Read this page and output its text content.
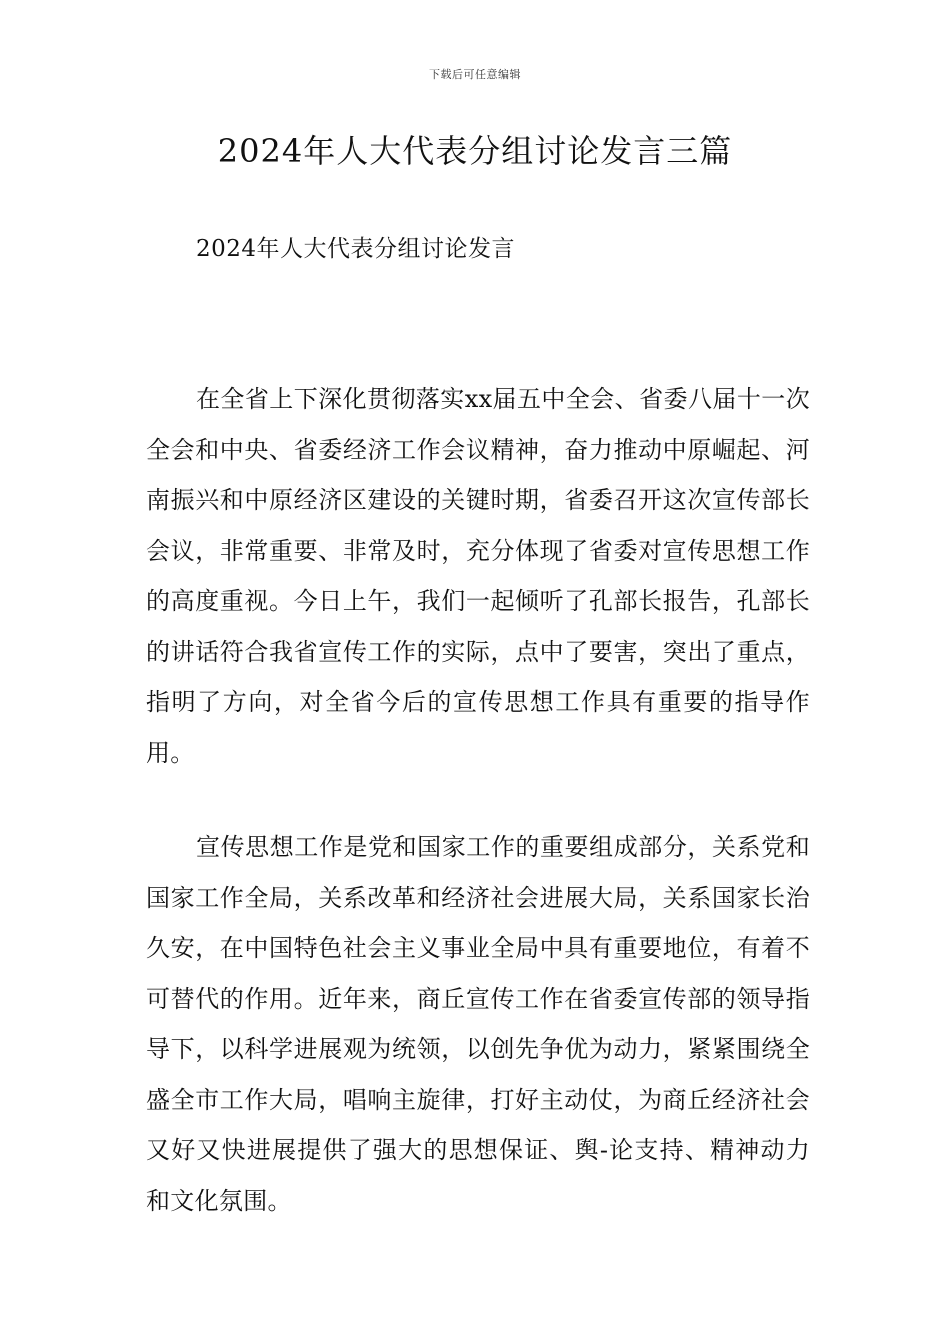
下载后可任意编辑
2024年人大代表分组讨论发言三篇

2024年人大代表分组讨论发言

在全省上下深化贯彻落实xx届五中全会、省委八届十一次全会和中央、省委经济工作会议精神，奋力推动中原崛起、河南振兴和中原经济区建设的关键时期，省委召开这次宣传部长会议，非常重要、非常及时，充分体现了省委对宣传思想工作的高度重视。今日上午，我们一起倾听了孔部长报告，孔部长的讲话符合我省宣传工作的实际，点中了要害，突出了重点，指明了方向，对全省今后的宣传思想工作具有重要的指导作用。

宣传思想工作是党和国家工作的重要组成部分，关系党和国家工作全局，关系改革和经济社会进展大局，关系国家长治久安，在中国特色社会主义事业全局中具有重要地位，有着不可替代的作用。近年来，商丘宣传工作在省委宣传部的领导指导下，以科学进展观为统领，以创先争优为动力，紧紧围绕全盛全市工作大局，唱响主旋律，打好主动仗，为商丘经济社会又好又快进展提供了强大的思想保证、舆-论支持、精神动力和文化氛围。
